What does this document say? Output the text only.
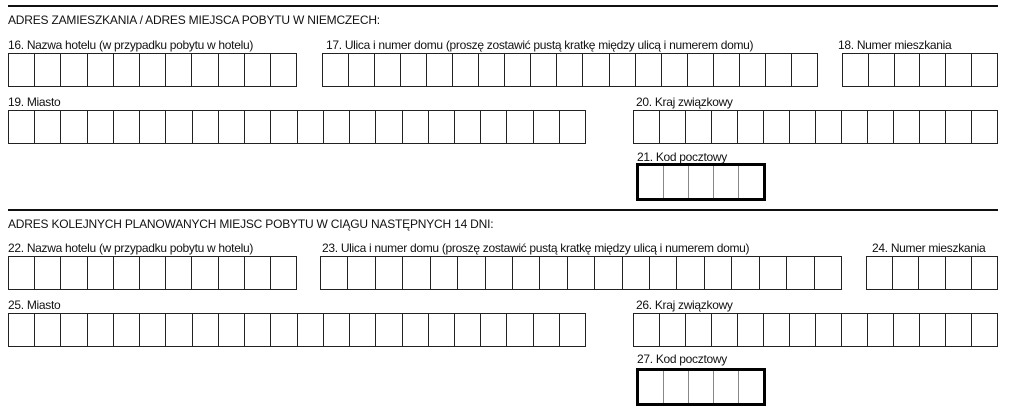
ADRES ZAMIESZKANIA / ADRES MIEJSCA POBYTU W NIEMCZECH:
16. Nazwa hotelu (w przypadku pobytu w hotelu)	17. Ulica i numer domu (proszę zostawić pustą kratkę między ulicą i numerem domu)	18. Numer mieszkania
19. Miasto	20. Kraj związkowy
21. Kod pocztowy
ADRES KOLEJNYCH PLANOWANYCH MIEJSC POBYTU W CIĄGU NASTĘPNYCH 14 DNI:
22. Nazwa hotelu (w przypadku pobytu w hotelu)	23. Ulica i numer domu (proszę zostawić pustą kratkę między ulicą i numerem domu)	24. Numer mieszkania
25. Miasto	26. Kraj związkowy
27. Kod pocztowy
